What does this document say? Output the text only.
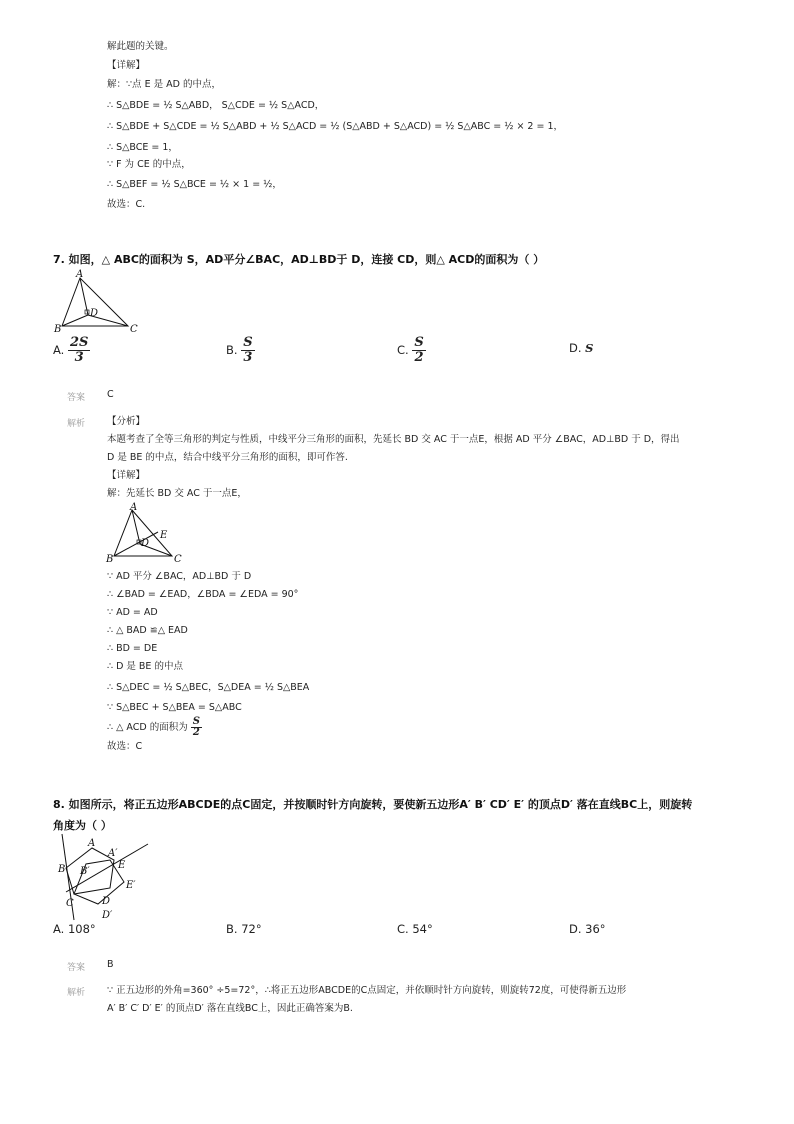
解此题的关键。
【详解】
解：∵点 E 是 AD 的中点，
∴ S△BDE = ½ S△ABD， S△CDE = ½ S△ACD，
∴ S△BDE + S△CDE = ½ S△ABD + ½ S△ACD = ½ (S△ABD + S△ACD) = ½ S△ABC = ½ × 2 = 1，
∴ S△BCE = 1，
∵ F 为 CE 的中点，
∴ S△BEF = ½ S△BCE = ½ × 1 = ½，
故选：C.
7. 如图，△ ABC的面积为 S，AD平分∠BAC，AD⊥BD于 D，连接 CD，则△ ACD的面积为（ ）
A
B	C
D
A. $\frac{2S}{3}$	B. $\frac{S}{3}$	C. $\frac{S}{2}$	D. S
答案 C
解析 【分析】
本题考查了全等三角形的判定与性质，中线平分三角形的面积，先延长 BD 交 AC 于一点E，根据 AD 平分 ∠BAC，AD⊥BD 于 D，得出
D 是 BE 的中点，结合中线平分三角形的面积，即可作答.
【详解】
解：先延长 BD 交 AC 于一点E，
A
B	C
D
E
∵ AD 平分 ∠BAC，AD⊥BD 于 D
∴ ∠BAD = ∠EAD，∠BDA = ∠EDA = 90°
∵ AD = AD
∴ △ BAD ≌△ EAD
∴ BD = DE
∴ D 是 BE 的中点
∴ S△DEC = ½ S△BEC，S△DEA = ½ S△BEA
∵ S△BEC + S△BEA = S△ABC
∴ △ ACD 的面积为 $\frac{S}{2}$
故选：C
8. 如图所示，将正五边形ABCDE的点C固定，并按顺时针方向旋转，要使新五边形A′ B′ CD′ E′ 的顶点D′ 落在直线BC上，则旋转
角度为（ ）
A
A′
B B′
C	D
D′
E
E′
A. 108°	B. 72°	C. 54°	D. 36°
答案 B
解析 ∵ 正五边形的外角=360° ÷5=72°，∴将正五边形ABCDE的C点固定，并依顺时针方向旋转，则旋转72度，可使得新五边形
A′ B′ C′ D′ E′ 的顶点D′ 落在直线BC上，因此正确答案为B.
